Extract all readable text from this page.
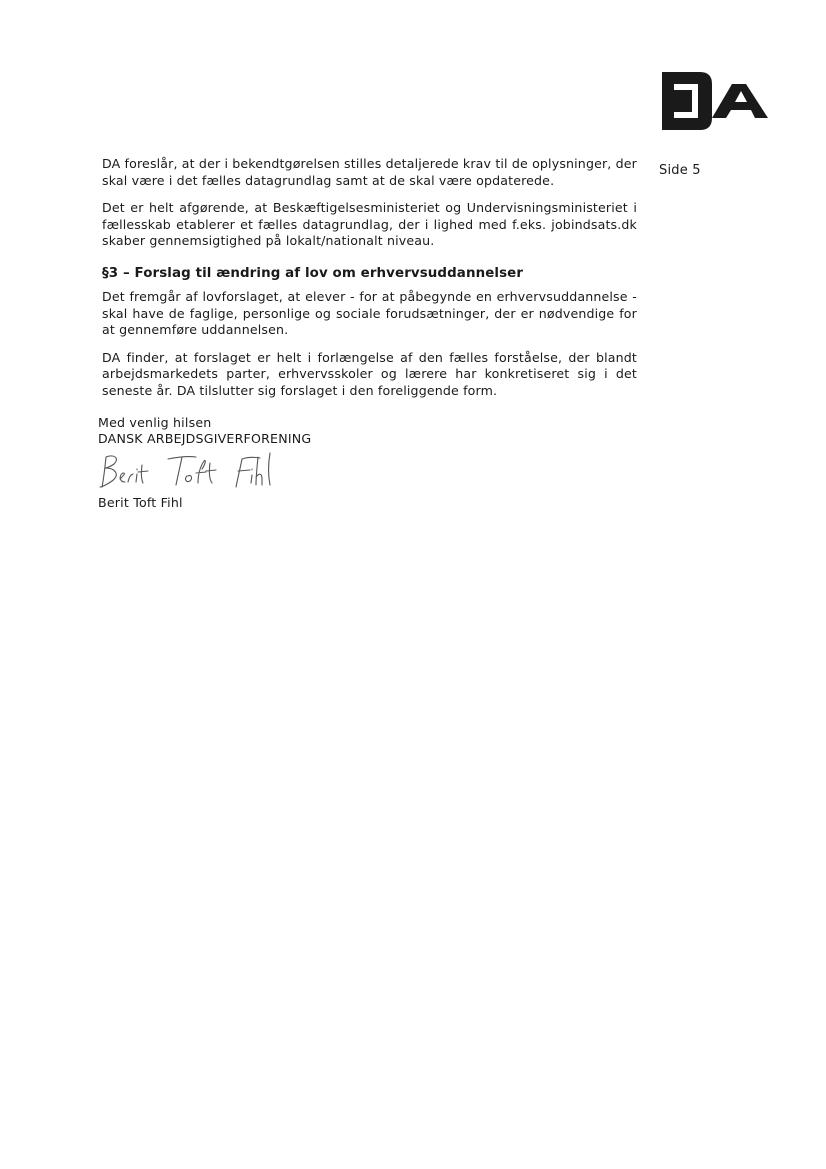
Side 5

DA foreslår, at der i bekendtgørelsen stilles detaljerede krav til de oplysninger, der skal være i det fælles datagrundlag samt at de skal være opdaterede.

Det er helt afgørende, at Beskæftigelsesministeriet og Undervisningsministeriet i fællesskab etablerer et fælles datagrundlag, der i lighed med f.eks. jobindsats.dk skaber gennemsigtighed på lokalt/nationalt niveau.

§3 – Forslag til ændring af lov om erhvervsuddannelser

Det fremgår af lovforslaget, at elever - for at påbegynde en erhvervsuddannelse - skal have de faglige, personlige og sociale forudsætninger, der er nødvendige for at gennemføre uddannelsen.

DA finder, at forslaget er helt i forlængelse af den fælles forståelse, der blandt arbejdsmarkedets parter, erhvervsskoler og lærere har konkretiseret sig i det seneste år. DA tilslutter sig forslaget i den foreliggende form.

Med venlig hilsen
DANSK ARBEJDSGIVERFORENING
Berit Toft Fihl
